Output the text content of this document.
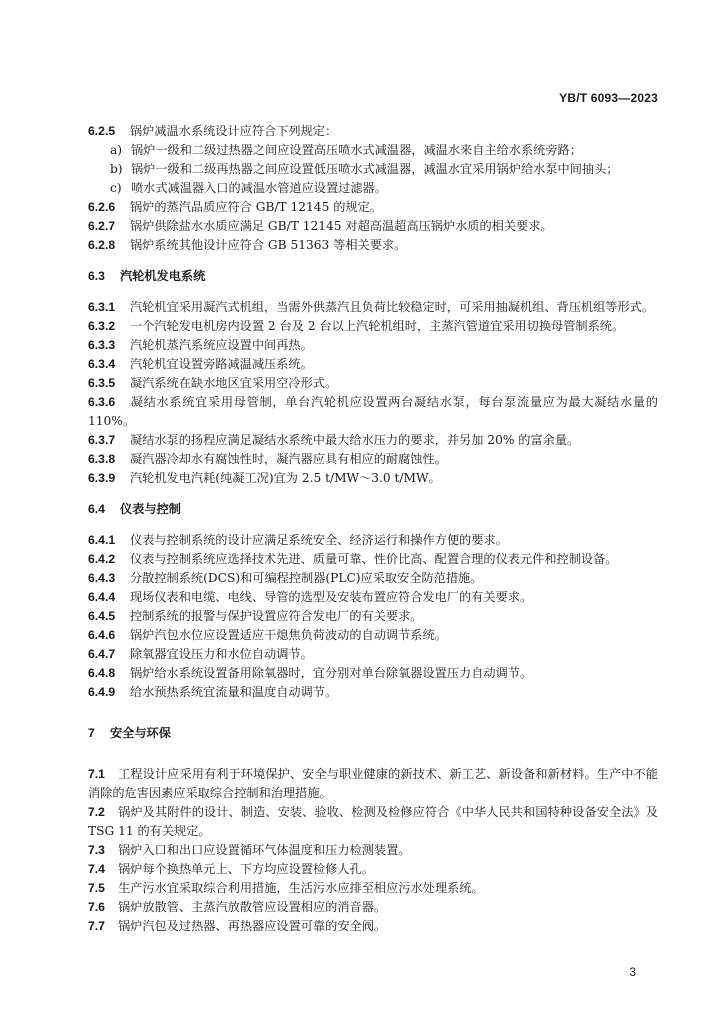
YB/T 6093—2023
6.2.5 锅炉减温水系统设计应符合下列规定：
a) 锅炉一级和二级过热器之间应设置高压喷水式减温器，减温水来自主给水系统旁路；
b) 锅炉一级和二级再热器之间应设置低压喷水式减温器，减温水宜采用锅炉给水泵中间抽头；
c) 喷水式减温器入口的减温水管道应设置过滤器。
6.2.6 锅炉的蒸汽品质应符合 GB/T 12145 的规定。
6.2.7 锅炉供除盐水水质应满足 GB/T 12145 对超高温超高压锅炉水质的相关要求。
6.2.8 锅炉系统其他设计应符合 GB 51363 等相关要求。
6.3 汽轮机发电系统
6.3.1 汽轮机宜采用凝汽式机组，当需外供蒸汽且负荷比较稳定时，可采用抽凝机组、背压机组等形式。
6.3.2 一个汽轮发电机房内设置 2 台及 2 台以上汽轮机组时，主蒸汽管道宜采用切换母管制系统。
6.3.3 汽轮机蒸汽系统应设置中间再热。
6.3.4 汽轮机宜设置旁路减温减压系统。
6.3.5 凝汽系统在缺水地区宜采用空冷形式。
6.3.6 凝结水系统宜采用母管制，单台汽轮机应设置两台凝结水泵，每台泵流量应为最大凝结水量的 110%。
6.3.7 凝结水泵的扬程应满足凝结水系统中最大给水压力的要求，并另加 20% 的富余量。
6.3.8 凝汽器冷却水有腐蚀性时，凝汽器应具有相应的耐腐蚀性。
6.3.9 汽轮机发电汽耗(纯凝工况)宜为 2.5 t/MW～3.0 t/MW。
6.4 仪表与控制
6.4.1 仪表与控制系统的设计应满足系统安全、经济运行和操作方便的要求。
6.4.2 仪表与控制系统应选择技术先进、质量可靠、性价比高、配置合理的仪表元件和控制设备。
6.4.3 分散控制系统(DCS)和可编程控制器(PLC)应采取安全防范措施。
6.4.4 现场仪表和电缆、电线、导管的选型及安装布置应符合发电厂的有关要求。
6.4.5 控制系统的报警与保护设置应符合发电厂的有关要求。
6.4.6 锅炉汽包水位应设置适应干熄焦负荷波动的自动调节系统。
6.4.7 除氧器宜设压力和水位自动调节。
6.4.8 锅炉给水系统设置备用除氧器时，宜分别对单台除氧器设置压力自动调节。
6.4.9 给水预热系统宜流量和温度自动调节。
7 安全与环保
7.1 工程设计应采用有利于环境保护、安全与职业健康的新技术、新工艺、新设备和新材料。生产中不能消除的危害因素应采取综合控制和治理措施。
7.2 锅炉及其附件的设计、制造、安装、验收、检测及检修应符合《中华人民共和国特种设备安全法》及 TSG 11 的有关规定。
7.3 锅炉入口和出口应设置循环气体温度和压力检测装置。
7.4 锅炉每个换热单元上、下方均应设置检修人孔。
7.5 生产污水宜采取综合利用措施，生活污水应排至相应污水处理系统。
7.6 锅炉放散管、主蒸汽放散管应设置相应的消音器。
7.7 锅炉汽包及过热器、再热器应设置可靠的安全阀。
3
